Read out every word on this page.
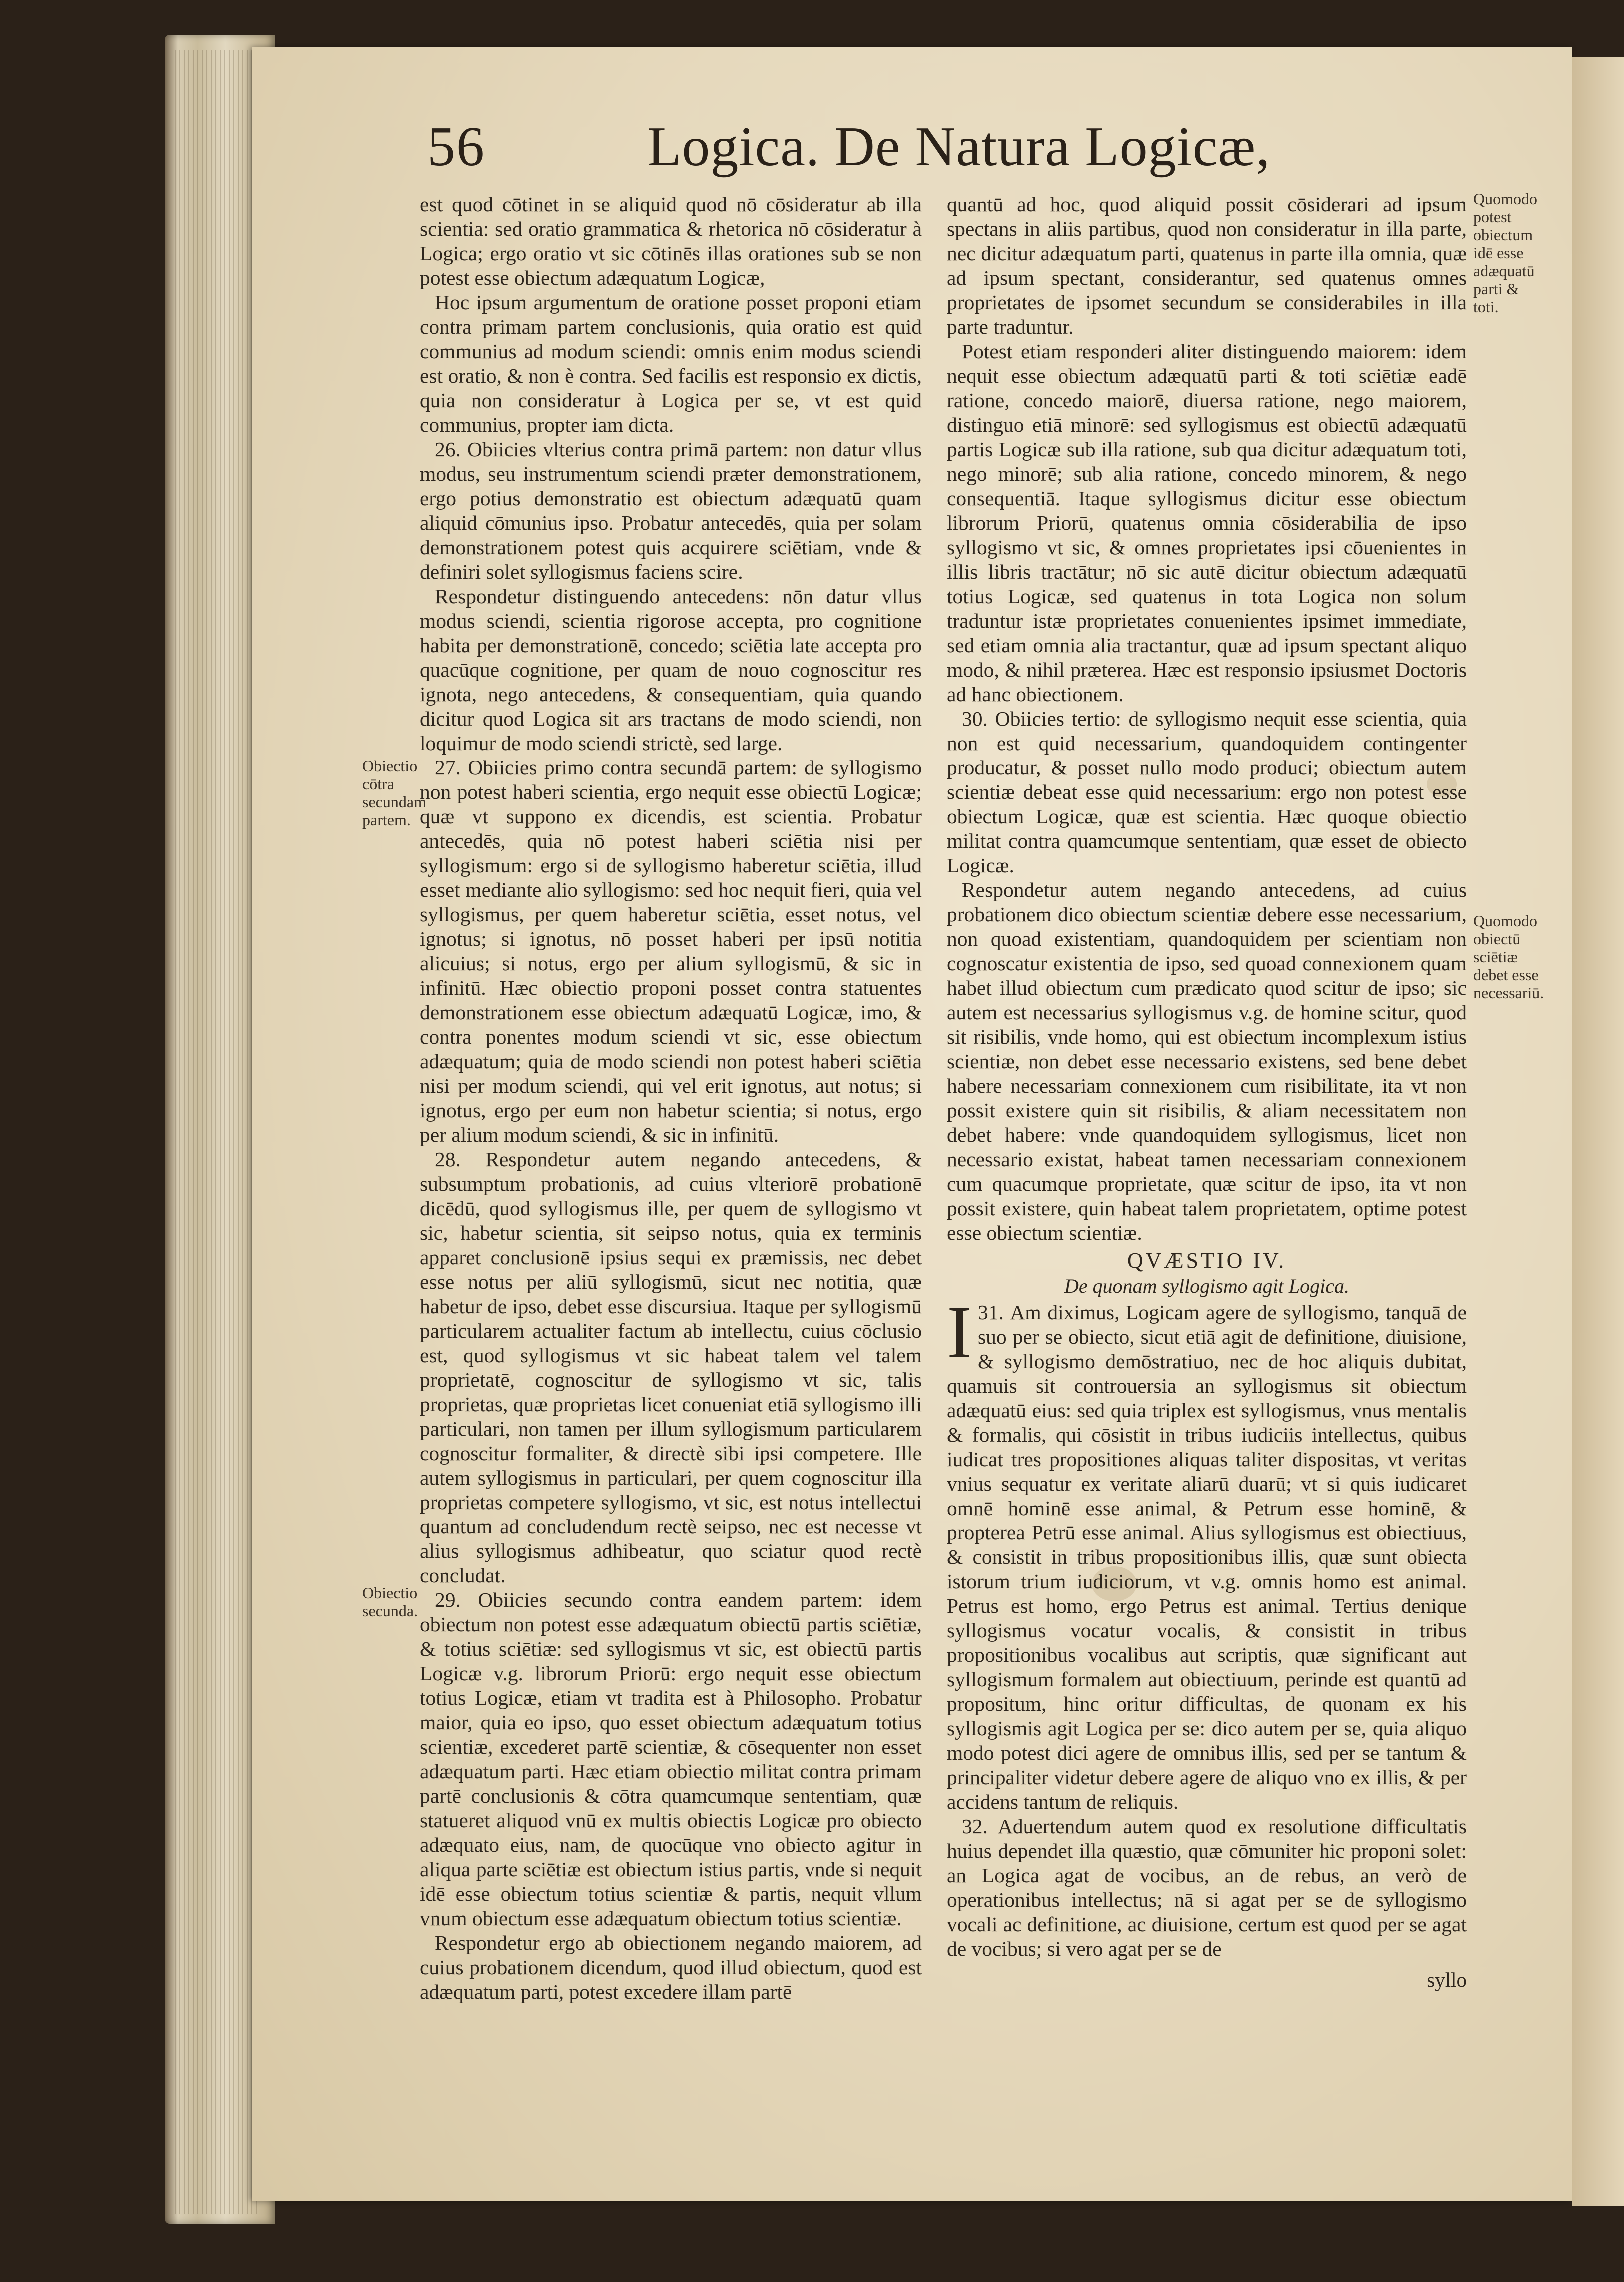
56	Logica. De Natura Logicæ,

est quod cōtinet in se aliquid quod nō cōsideratur ab illa scientia: sed oratio grammatica & rhetorica nō cōsideratur à Logica; ergo oratio vt sic cōtinēs illas orationes sub se non potest esse obiectum adæquatum Logicæ,

Hoc ipsum argumentum de oratione posset proponi etiam contra primam partem conclusionis, quia oratio est quid communius ad modum sciendi: omnis enim modus sciendi est oratio, & non è contra. Sed facilis est responsio ex dictis, quia non consideratur à Logica per se, vt est quid communius, propter iam dicta.

26. Obiicies vlterius contra primā partem: non datur vllus modus, seu instrumentum sciendi præter demonstrationem, ergo potius demonstratio est obiectum adæquatū quam aliquid cōmunius ipso. Probatur antecedēs, quia per solam demonstrationem potest quis acquirere sciētiam, vnde & definiri solet syllogismus faciens scire.

Respondetur distinguendo antecedens: nōn datur vllus modus sciendi, scientia rigorose accepta, pro cognitione habita per demonstrationē, concedo; sciētia late accepta pro quacūque cognitione, per quam de nouo cognoscitur res ignota, nego antecedens, & consequentiam, quia quando dicitur quod Logica sit ars tractans de modo sciendi, non loquimur de modo sciendi strictè, sed large.

27. Obiicies primo contra secundā partem: de syllogismo non potest haberi scientia, ergo nequit esse obiectū Logicæ; quæ vt suppono ex dicendis, est scientia. Probatur antecedēs, quia nō potest haberi sciētia nisi per syllogismum: ergo si de syllogismo haberetur sciētia, illud esset mediante alio syllogismo: sed hoc nequit fieri, quia vel syllogismus, per quem haberetur sciētia, esset notus, vel ignotus; si ignotus, nō posset haberi per ipsū notitia alicuius; si notus, ergo per alium syllogismū, & sic in infinitū. Hæc obiectio proponi posset contra statuentes demonstrationem esse obiectum adæquatū Logicæ, imo, & contra ponentes modum sciendi vt sic, esse obiectum adæquatum; quia de modo sciendi non potest haberi sciētia nisi per modum sciendi, qui vel erit ignotus, aut notus; si ignotus, ergo per eum non habetur scientia; si notus, ergo per alium modum sciendi, & sic in infinitū.

28. Respondetur autem negando antecedens, & subsumptum probationis, ad cuius vlteriorē probationē dicēdū, quod syllogismus ille, per quem de syllogismo vt sic, habetur scientia, sit seipso notus, quia ex terminis apparet conclusionē ipsius sequi ex præmissis, nec debet esse notus per aliū syllogismū, sicut nec notitia, quæ habetur de ipso, debet esse discursiua. Itaque per syllogismū particularem actualiter factum ab intellectu, cuius cōclusio est, quod syllogismus vt sic habeat talem vel talem proprietatē, cognoscitur de syllogismo vt sic, talis proprietas, quæ proprietas licet conueniat etiā syllogismo illi particulari, non tamen per illum syllogismum particularem cognoscitur formaliter, & directè sibi ipsi competere. Ille autem syllogismus in particulari, per quem cognoscitur illa proprietas competere syllogismo, vt sic, est notus intellectui quantum ad concludendum rectè seipso, nec est necesse vt alius syllogismus adhibeatur, quo sciatur quod rectè concludat.

29. Obiicies secundo contra eandem partem: idem obiectum non potest esse adæquatum obiectū partis sciētiæ, & totius sciētiæ: sed syllogismus vt sic, est obiectū partis Logicæ v.g. librorum Priorū: ergo nequit esse obiectum totius Logicæ, etiam vt tradita est à Philosopho. Probatur maior, quia eo ipso, quo esset obiectum adæquatum totius scientiæ, excederet partē scientiæ, & cōsequenter non esset adæquatum parti. Hæc etiam obiectio militat contra primam partē conclusionis & cōtra quamcumque sententiam, quæ statueret aliquod vnū ex multis obiectis Logicæ pro obiecto adæquato eius, nam, de quocūque vno obiecto agitur in aliqua parte sciētiæ est obiectum istius partis, vnde si nequit idē esse obiectum totius scientiæ & partis, nequit vllum vnum obiectum esse adæquatum obiectum totius scientiæ.

Respondetur ergo ab obiectionem negando maiorem, ad cuius probationem dicendum, quod illud obiectum, quod est adæquatum parti, potest excedere illam partē

quantū ad hoc, quod aliquid possit cōsiderari ad ipsum spectans in aliis partibus, quod non consideratur in illa parte, nec dicitur adæquatum parti, quatenus in parte illa omnia, quæ ad ipsum spectant, considerantur, sed quatenus omnes proprietates de ipsomet secundum se considerabiles in illa parte traduntur.

Potest etiam responderi aliter distinguendo maiorem: idem nequit esse obiectum adæquatū parti & toti sciētiæ eadē ratione, concedo maiorē, diuersa ratione, nego maiorem, distinguo etiā minorē: sed syllogismus est obiectū adæquatū partis Logicæ sub illa ratione, sub qua dicitur adæquatum toti, nego minorē; sub alia ratione, concedo minorem, & nego consequentiā. Itaque syllogismus dicitur esse obiectum librorum Priorū, quatenus omnia cōsiderabilia de ipso syllogismo vt sic, & omnes proprietates ipsi cōuenientes in illis libris tractātur; nō sic autē dicitur obiectum adæquatū totius Logicæ, sed quatenus in tota Logica non solum traduntur istæ proprietates conuenientes ipsimet immediate, sed etiam omnia alia tractantur, quæ ad ipsum spectant aliquo modo, & nihil præterea. Hæc est responsio ipsiusmet Doctoris ad hanc obiectionem.

30. Obiicies tertio: de syllogismo nequit esse scientia, quia non est quid necessarium, quandoquidem contingenter producatur, & posset nullo modo produci; obiectum autem scientiæ debeat esse quid necessarium: ergo non potest esse obiectum Logicæ, quæ est scientia. Hæc quoque obiectio militat contra quamcumque sententiam, quæ esset de obiecto Logicæ.

Respondetur autem negando antecedens, ad cuius probationem dico obiectum scientiæ debere esse necessarium, non quoad existentiam, quandoquidem per scientiam non cognoscatur existentia de ipso, sed quoad connexionem quam habet illud obiectum cum prædicato quod scitur de ipso; sic autem est necessarius syllogismus v.g. de homine scitur, quod sit risibilis, vnde homo, qui est obiectum incomplexum istius scientiæ, non debet esse necessario existens, sed bene debet habere necessariam connexionem cum risibilitate, ita vt non possit existere quin sit risibilis, & aliam necessitatem non debet habere: vnde quandoquidem syllogismus, licet non necessario existat, habeat tamen necessariam connexionem cum quacumque proprietate, quæ scitur de ipso, ita vt non possit existere, quin habeat talem proprietatem, optime potest esse obiectum scientiæ.

QVÆSTIO IV.
De quonam syllogismo agit Logica.

31.
I Am diximus, Logicam agere de syllogismo, tanquā de suo per se obiecto, sicut etiā agit de definitione, diuisione, & syllogismo demōstratiuo, nec de hoc aliquis dubitat, quamuis sit controuersia an syllogismus sit obiectum adæquatū eius: sed quia triplex est syllogismus, vnus mentalis & formalis, qui cōsistit in tribus iudiciis intellectus, quibus iudicat tres propositiones aliquas taliter dispositas, vt veritas vnius sequatur ex veritate aliarū duarū; vt si quis iudicaret omnē hominē esse animal, & Petrum esse hominē, & propterea Petrū esse animal. Alius syllogismus est obiectiuus, & consistit in tribus propositionibus illis, quæ sunt obiecta istorum trium iudiciorum, vt v.g. omnis homo est animal. Petrus est homo, ergo Petrus est animal. Tertius denique syllogismus vocatur vocalis, & consistit in tribus propositionibus vocalibus aut scriptis, quæ significant aut syllogismum formalem aut obiectiuum, perinde est quantū ad propositum, hinc oritur difficultas, de quonam ex his syllogismis agit Logica per se: dico autem per se, quia aliquo modo potest dici agere de omnibus illis, sed per se tantum & principaliter videtur debere agere de aliquo vno ex illis, & per accidens tantum de reliquis.

32. Aduertendum autem quod ex resolutione difficultatis huius dependet illa quæstio, quæ cōmuniter hic proponi solet: an Logica agat de vocibus, an de rebus, an verò de operationibus intellectus; nā si agat per se de syllogismo vocali ac definitione, ac diuisione, certum est quod per se agat de vocibus; si vero agat per se de

syllo
Obiectio cōtra secundam partem.
Obiectio secunda.
Quomodo potest obiectum idē esse adæquatū parti & toti.
Quomodo obiectū sciētiæ debet esse necessariū.
